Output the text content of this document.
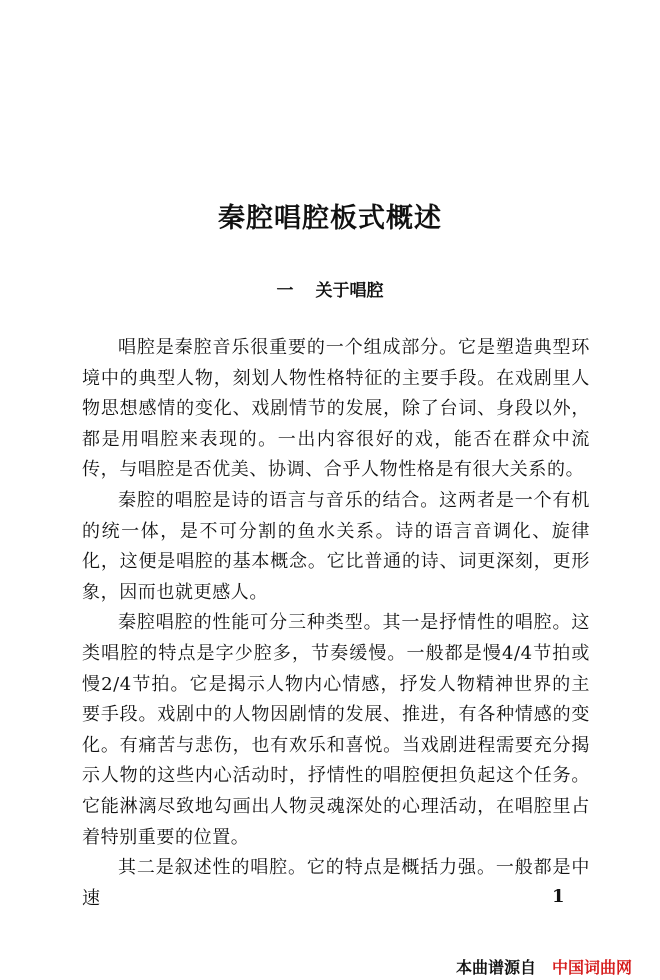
秦腔唱腔板式概述
一 关于唱腔

唱腔是秦腔音乐很重要的一个组成部分。它是塑造典型环境中的典型人物，刻划人物性格特征的主要手段。在戏剧里人物思想感情的变化、戏剧情节的发展，除了台词、身段以外，都是用唱腔来表现的。一出内容很好的戏，能否在群众中流传，与唱腔是否优美、协调、合乎人物性格是有很大关系的。

秦腔的唱腔是诗的语言与音乐的结合。这两者是一个有机的统一体，是不可分割的鱼水关系。诗的语言音调化、旋律化，这便是唱腔的基本概念。它比普通的诗、词更深刻，更形象，因而也就更感人。

秦腔唱腔的性能可分三种类型。其一是抒情性的唱腔。这类唱腔的特点是字少腔多，节奏缓慢。一般都是慢4/4节拍或慢2/4节拍。它是揭示人物内心情感，抒发人物精神世界的主要手段。戏剧中的人物因剧情的发展、推进，有各种情感的变化。有痛苦与悲伤，也有欢乐和喜悦。当戏剧进程需要充分揭示人物的这些内心活动时，抒情性的唱腔便担负起这个任务。它能淋漓尽致地勾画出人物灵魂深处的心理活动，在唱腔里占着特别重要的位置。

其二是叙述性的唱腔。它的特点是概括力强。一般都是中速	1
本曲谱源自 中国词曲网
